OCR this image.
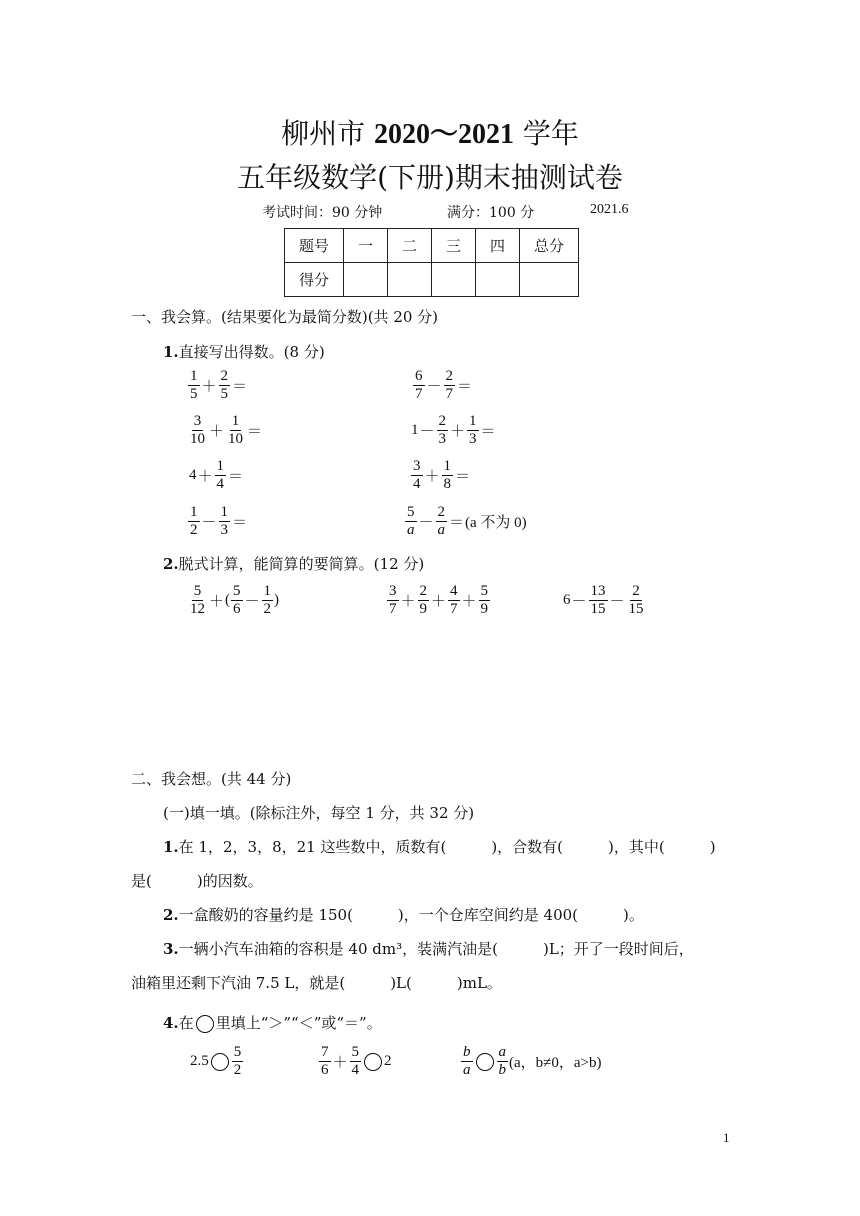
柳州市 2020～2021 学年
五年级数学(下册)期末抽测试卷
考试时间：90 分钟	满分：100 分	2021.6
题号	一	二	三	四	总分
得分					
一、我会算。(结果要化为最简分数)(共 20 分)
1.直接写出得数。(8 分)
$\frac{1}{5} + \frac{2}{5}$ ＝	$\frac{6}{7} - \frac{2}{7}$ ＝
$\frac{3}{10} + \frac{1}{10}$ ＝	$1 - \frac{2}{3} + \frac{1}{3}$ ＝
$4 + \frac{1}{4}$ ＝	$\frac{3}{4} + \frac{1}{8}$ ＝
$\frac{1}{2} - \frac{1}{3}$ ＝	$\frac{5}{a} - \frac{2}{a} = (a$ 不为 0)
2.脱式计算，能简算的要简算。(12 分)
$\frac{5}{12}$ ＋ ( $\frac{5}{6} - \frac{1}{2}$ )	$\frac{3}{7} + \frac{2}{9} + \frac{4}{7} + \frac{5}{9}$	$6 - \frac{13}{15} - \frac{2}{15}$
二、我会想。(共 44 分)
(一)填一填。(除标注外，每空 1 分，共 32 分)
1.在 1，2，3，8，21 这些数中，质数有(　　　)，合数有(　　　)，其中(　　　)
是(　　　)的因数。
2.一盒酸奶的容量约是 150(　　　)，一个仓库空间约是 400(　　　)。
3.一辆小汽车油箱的容积是 40 dm³，装满汽油是(　　　)L；开了一段时间后，
油箱里还剩下汽油 7.5 L，就是(　　　)L(　　　)mL。
4.在 里填上“＞”“＜”或“＝”。
$2.5 \frac{5}{2}$	$\frac{7}{6} + \frac{5}{4} 2$	$\frac{b}{a} \frac{a}{b} (a$，b≠0，a>b)
1
